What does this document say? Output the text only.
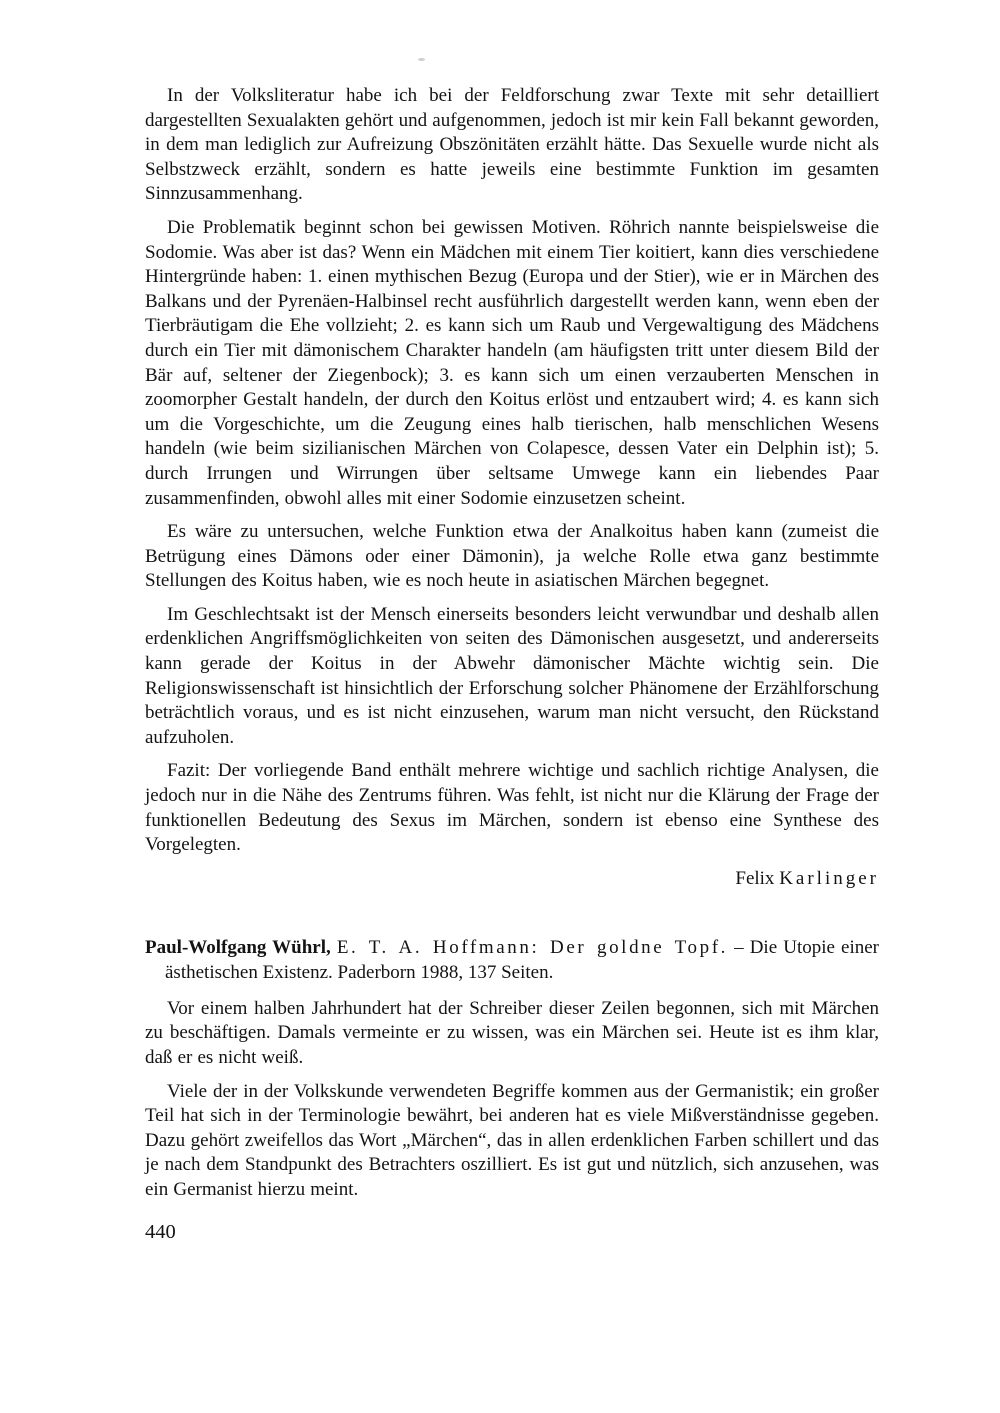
In der Volksliteratur habe ich bei der Feldforschung zwar Texte mit sehr detailliert dargestellten Sexualakten gehört und aufgenommen, jedoch ist mir kein Fall bekannt geworden, in dem man lediglich zur Aufreizung Obszönitäten erzählt hätte. Das Sexuelle wurde nicht als Selbstzweck erzählt, sondern es hatte jeweils eine bestimmte Funktion im gesamten Sinnzusammenhang.

Die Problematik beginnt schon bei gewissen Motiven. Röhrich nannte beispielsweise die Sodomie. Was aber ist das? Wenn ein Mädchen mit einem Tier koitiert, kann dies verschiedene Hintergründe haben: 1. einen mythischen Bezug (Europa und der Stier), wie er in Märchen des Balkans und der Pyrenäen-Halbinsel recht ausführlich dargestellt werden kann, wenn eben der Tierbräutigam die Ehe vollzieht; 2. es kann sich um Raub und Vergewaltigung des Mädchens durch ein Tier mit dämonischem Charakter handeln (am häufigsten tritt unter diesem Bild der Bär auf, seltener der Ziegenbock); 3. es kann sich um einen verzauberten Menschen in zoomorpher Gestalt handeln, der durch den Koitus erlöst und entzaubert wird; 4. es kann sich um die Vorgeschichte, um die Zeugung eines halb tierischen, halb menschlichen Wesens handeln (wie beim sizilianischen Märchen von Colapesce, dessen Vater ein Delphin ist); 5. durch Irrungen und Wirrungen über seltsame Umwege kann ein liebendes Paar zusammenfinden, obwohl alles mit einer Sodomie einzusetzen scheint.

Es wäre zu untersuchen, welche Funktion etwa der Analkoitus haben kann (zumeist die Betrügung eines Dämons oder einer Dämonin), ja welche Rolle etwa ganz bestimmte Stellungen des Koitus haben, wie es noch heute in asiatischen Märchen begegnet.

Im Geschlechtsakt ist der Mensch einerseits besonders leicht verwundbar und deshalb allen erdenklichen Angriffsmöglichkeiten von seiten des Dämonischen ausgesetzt, und andererseits kann gerade der Koitus in der Abwehr dämonischer Mächte wichtig sein. Die Religionswissenschaft ist hinsichtlich der Erforschung solcher Phänomene der Erzählforschung beträchtlich voraus, und es ist nicht einzusehen, warum man nicht versucht, den Rückstand aufzuholen.

Fazit: Der vorliegende Band enthält mehrere wichtige und sachlich richtige Analysen, die jedoch nur in die Nähe des Zentrums führen. Was fehlt, ist nicht nur die Klärung der Frage der funktionellen Bedeutung des Sexus im Märchen, sondern ist ebenso eine Synthese des Vorgelegten.

Felix Karlinger

Paul-Wolfgang Wührl, E. T. A. Hoffmann: Der goldne Topf. – Die Utopie einer ästhetischen Existenz. Paderborn 1988, 137 Seiten.

Vor einem halben Jahrhundert hat der Schreiber dieser Zeilen begonnen, sich mit Märchen zu beschäftigen. Damals vermeinte er zu wissen, was ein Märchen sei. Heute ist es ihm klar, daß er es nicht weiß.

Viele der in der Volkskunde verwendeten Begriffe kommen aus der Germanistik; ein großer Teil hat sich in der Terminologie bewährt, bei anderen hat es viele Mißverständnisse gegeben. Dazu gehört zweifellos das Wort „Märchen“, das in allen erdenklichen Farben schillert und das je nach dem Standpunkt des Betrachters oszilliert. Es ist gut und nützlich, sich anzusehen, was ein Germanist hierzu meint.

440
